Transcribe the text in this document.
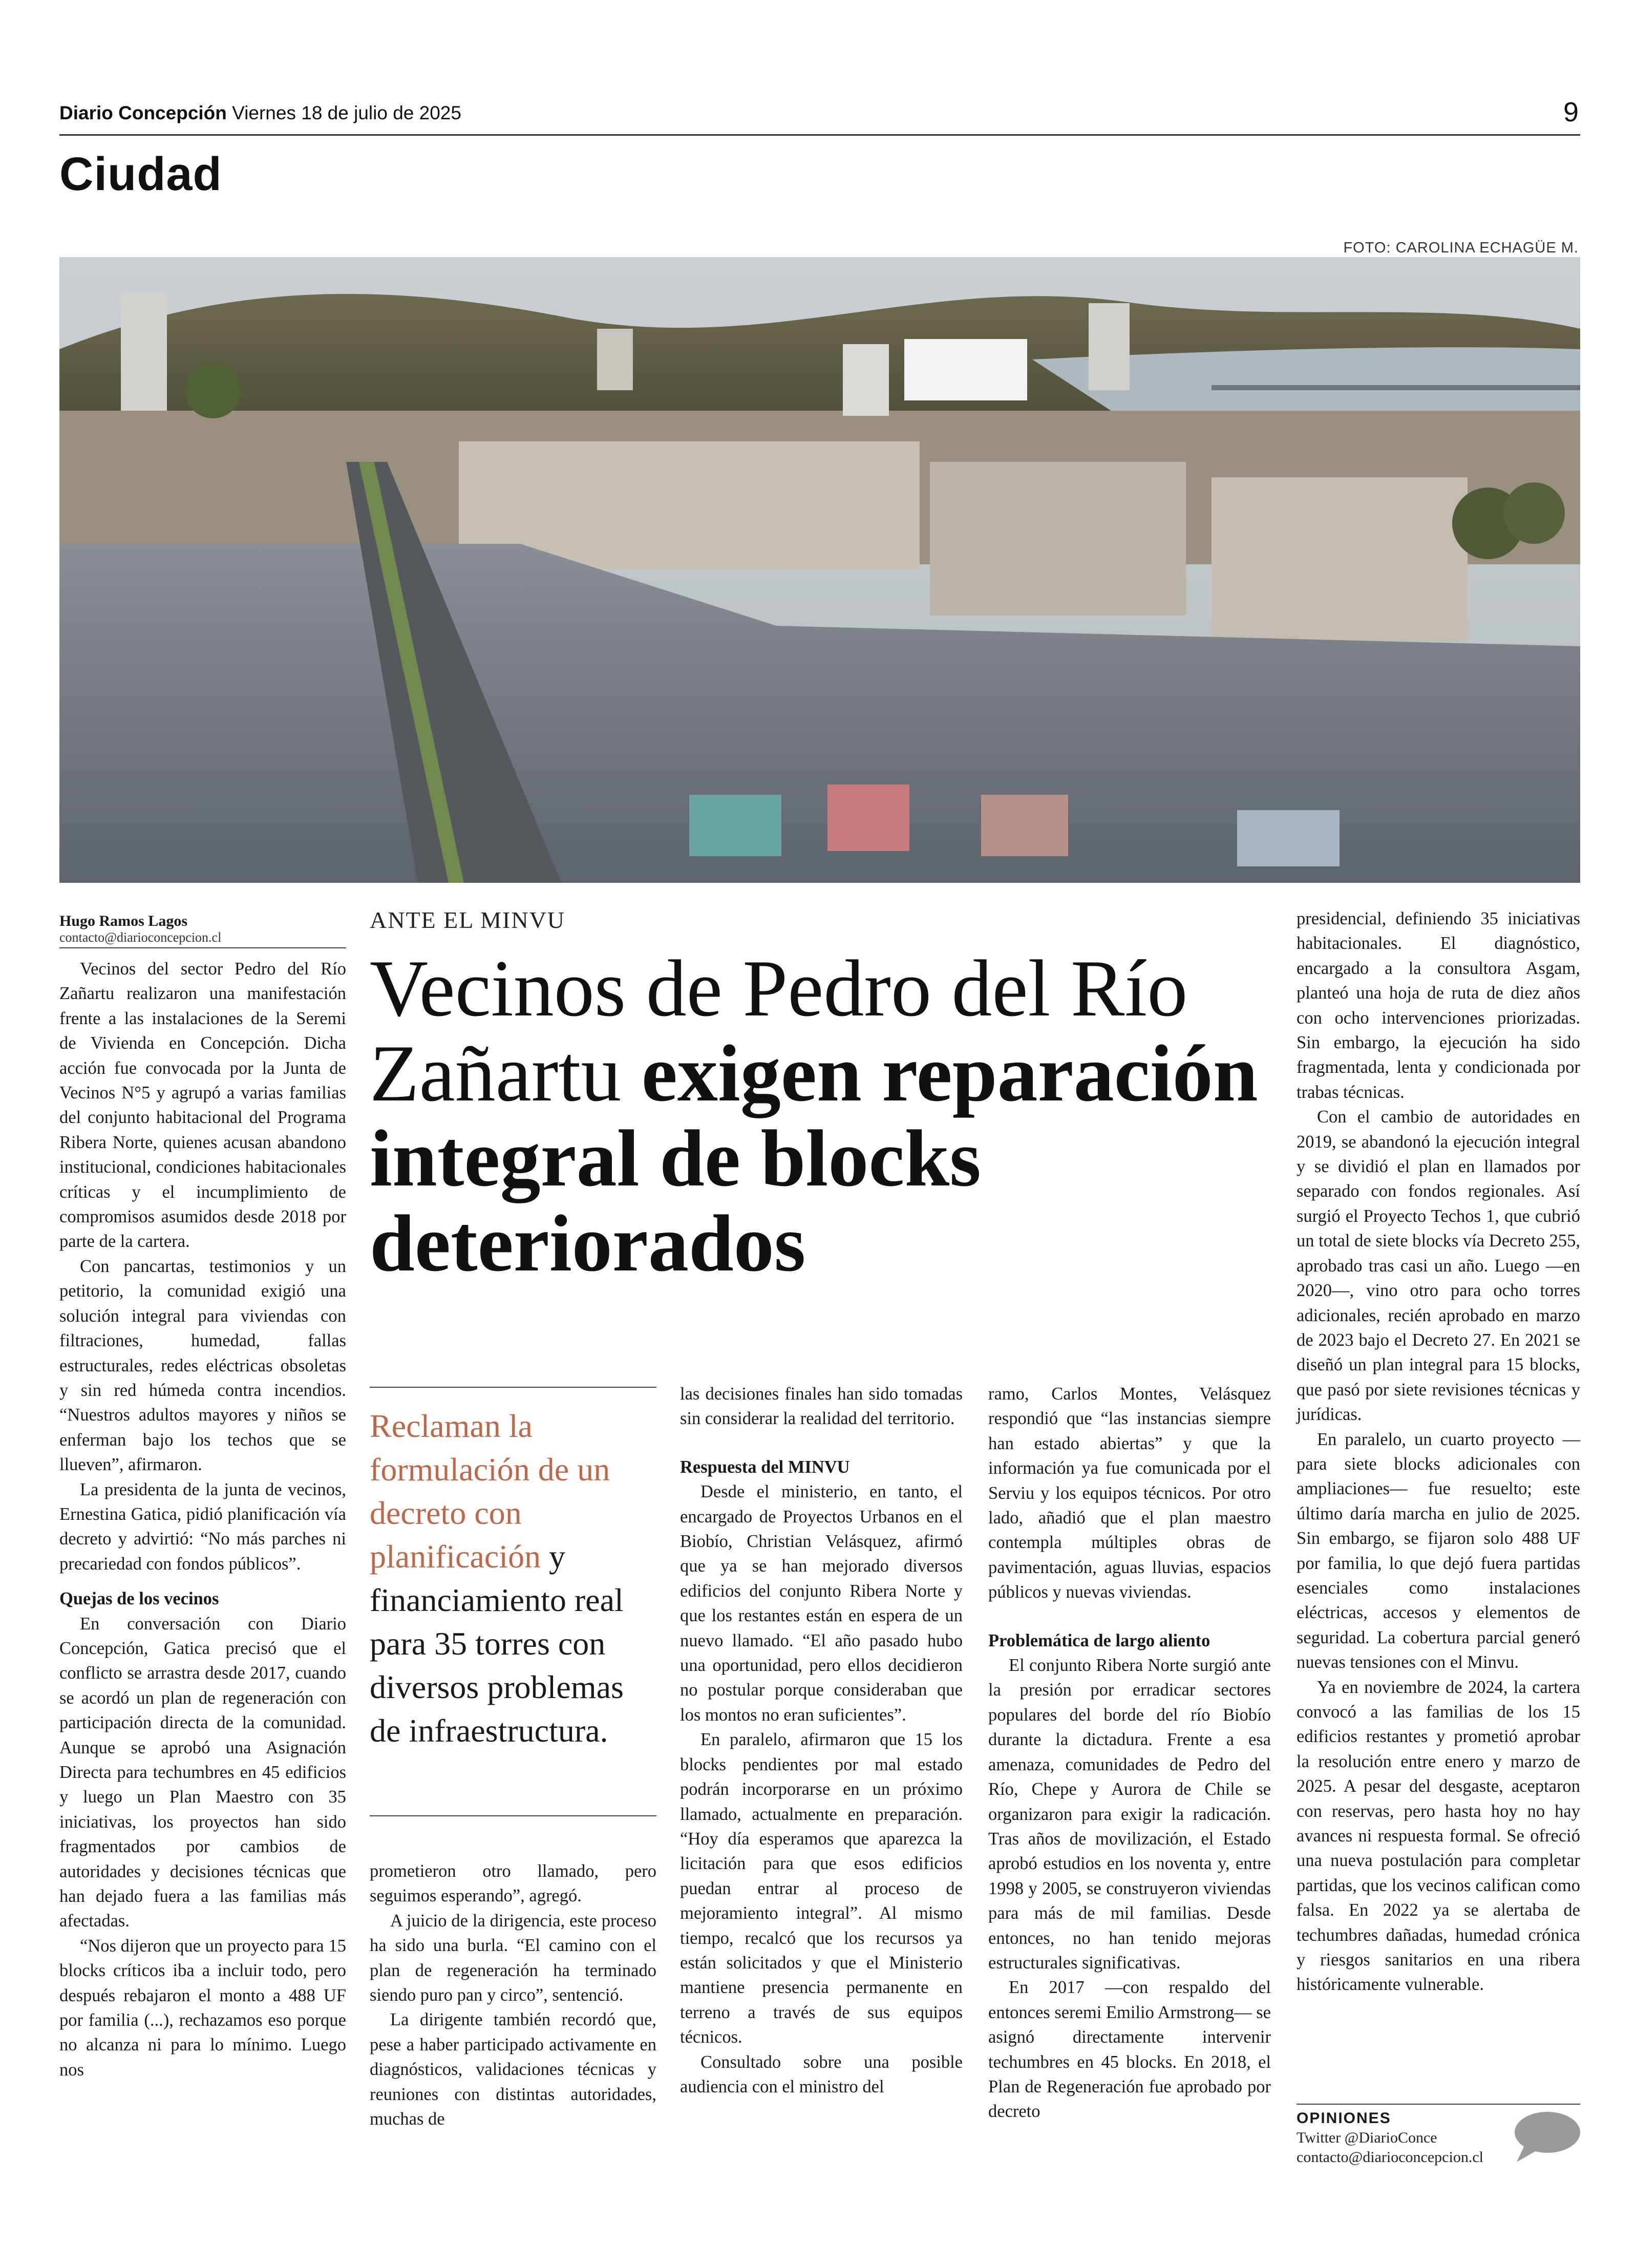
Diario Concepción Viernes 18 de julio de 2025	9
Ciudad
FOTO: CAROLINA ECHAGÜE M.
Hugo Ramos Lagos
contacto@diarioconcepcion.cl
ANTE EL MINVU
Vecinos de Pedro del Río Zañartu exigen reparación integral de blocks deteriorados
Reclaman la formulación de un decreto con planificación y financiamiento real para 35 torres con diversos problemas de infraestructura.

Vecinos del sector Pedro del Río Zañartu realizaron una manifestación frente a las instalaciones de la Seremi de Vivienda en Concepción. Dicha acción fue convocada por la Junta de Vecinos N°5 y agrupó a varias familias del conjunto habitacional del Programa Ribera Norte, quienes acusan abandono institucional, condiciones habitacionales críticas y el incumplimiento de compromisos asumidos desde 2018 por parte de la cartera.

Con pancartas, testimonios y un petitorio, la comunidad exigió una solución integral para viviendas con filtraciones, humedad, fallas estructurales, redes eléctricas obsoletas y sin red húmeda contra incendios. “Nuestros adultos mayores y niños se enferman bajo los techos que se llueven”, afirmaron.

La presidenta de la junta de vecinos, Ernestina Gatica, pidió planificación vía decreto y advirtió: “No más parches ni precariedad con fondos públicos”.

Quejas de los vecinos

En conversación con Diario Concepción, Gatica precisó que el conflicto se arrastra desde 2017, cuando se acordó un plan de regeneración con participación directa de la comunidad. Aunque se aprobó una Asignación Directa para techumbres en 45 edificios y luego un Plan Maestro con 35 iniciativas, los proyectos han sido fragmentados por cambios de autoridades y decisiones técnicas que han dejado fuera a las familias más afectadas.

“Nos dijeron que un proyecto para 15 blocks críticos iba a incluir todo, pero después rebajaron el monto a 488 UF por familia (...), rechazamos eso porque no alcanza ni para lo mínimo. Luego nos

prometieron otro llamado, pero seguimos esperando”, agregó.

A juicio de la dirigencia, este proceso ha sido una burla. “El camino con el plan de regeneración ha terminado siendo puro pan y circo”, sentenció.

La dirigente también recordó que, pese a haber participado activamente en diagnósticos, validaciones técnicas y reuniones con distintas autoridades, muchas de

las decisiones finales han sido tomadas sin considerar la realidad del territorio.

Respuesta del MINVU

Desde el ministerio, en tanto, el encargado de Proyectos Urbanos en el Biobío, Christian Velásquez, afirmó que ya se han mejorado diversos edificios del conjunto Ribera Norte y que los restantes están en espera de un nuevo llamado. “El año pasado hubo una oportunidad, pero ellos decidieron no postular porque consideraban que los montos no eran suficientes”.

En paralelo, afirmaron que 15 los blocks pendientes por mal estado podrán incorporarse en un próximo llamado, actualmente en preparación. “Hoy día esperamos que aparezca la licitación para que esos edificios puedan entrar al proceso de mejoramiento integral”. Al mismo tiempo, recalcó que los recursos ya están solicitados y que el Ministerio mantiene presencia permanente en terreno a través de sus equipos técnicos.

Consultado sobre una posible audiencia con el ministro del

ramo, Carlos Montes, Velásquez respondió que “las instancias siempre han estado abiertas” y que la información ya fue comunicada por el Serviu y los equipos técnicos. Por otro lado, añadió que el plan maestro contempla múltiples obras de pavimentación, aguas lluvias, espacios públicos y nuevas viviendas.

Problemática de largo aliento

El conjunto Ribera Norte surgió ante la presión por erradicar sectores populares del borde del río Biobío durante la dictadura. Frente a esa amenaza, comunidades de Pedro del Río, Chepe y Aurora de Chile se organizaron para exigir la radicación. Tras años de movilización, el Estado aprobó estudios en los noventa y, entre 1998 y 2005, se construyeron viviendas para más de mil familias. Desde entonces, no han tenido mejoras estructurales significativas.

En 2017 —con respaldo del entonces seremi Emilio Armstrong— se asignó directamente intervenir techumbres en 45 blocks. En 2018, el Plan de Regeneración fue aprobado por decreto

presidencial, definiendo 35 iniciativas habitacionales. El diagnóstico, encargado a la consultora Asgam, planteó una hoja de ruta de diez años con ocho intervenciones priorizadas. Sin embargo, la ejecución ha sido fragmentada, lenta y condicionada por trabas técnicas.

Con el cambio de autoridades en 2019, se abandonó la ejecución integral y se dividió el plan en llamados por separado con fondos regionales. Así surgió el Proyecto Techos 1, que cubrió un total de siete blocks vía Decreto 255, aprobado tras casi un año. Luego —en 2020—, vino otro para ocho torres adicionales, recién aprobado en marzo de 2023 bajo el Decreto 27. En 2021 se diseñó un plan integral para 15 blocks, que pasó por siete revisiones técnicas y jurídicas.

En paralelo, un cuarto proyecto —para siete blocks adicionales con ampliaciones— fue resuelto; este último daría marcha en julio de 2025. Sin embargo, se fijaron solo 488 UF por familia, lo que dejó fuera partidas esenciales como instalaciones eléctricas, accesos y elementos de seguridad. La cobertura parcial generó nuevas tensiones con el Minvu.

Ya en noviembre de 2024, la cartera convocó a las familias de los 15 edificios restantes y prometió aprobar la resolución entre enero y marzo de 2025. A pesar del desgaste, aceptaron con reservas, pero hasta hoy no hay avances ni respuesta formal. Se ofreció una nueva postulación para completar partidas, que los vecinos califican como falsa. En 2022 ya se alertaba de techumbres dañadas, humedad crónica y riesgos sanitarios en una ribera históricamente vulnerable.

OPINIONES
Twitter @DiarioConce
contacto@diarioconcepcion.cl
